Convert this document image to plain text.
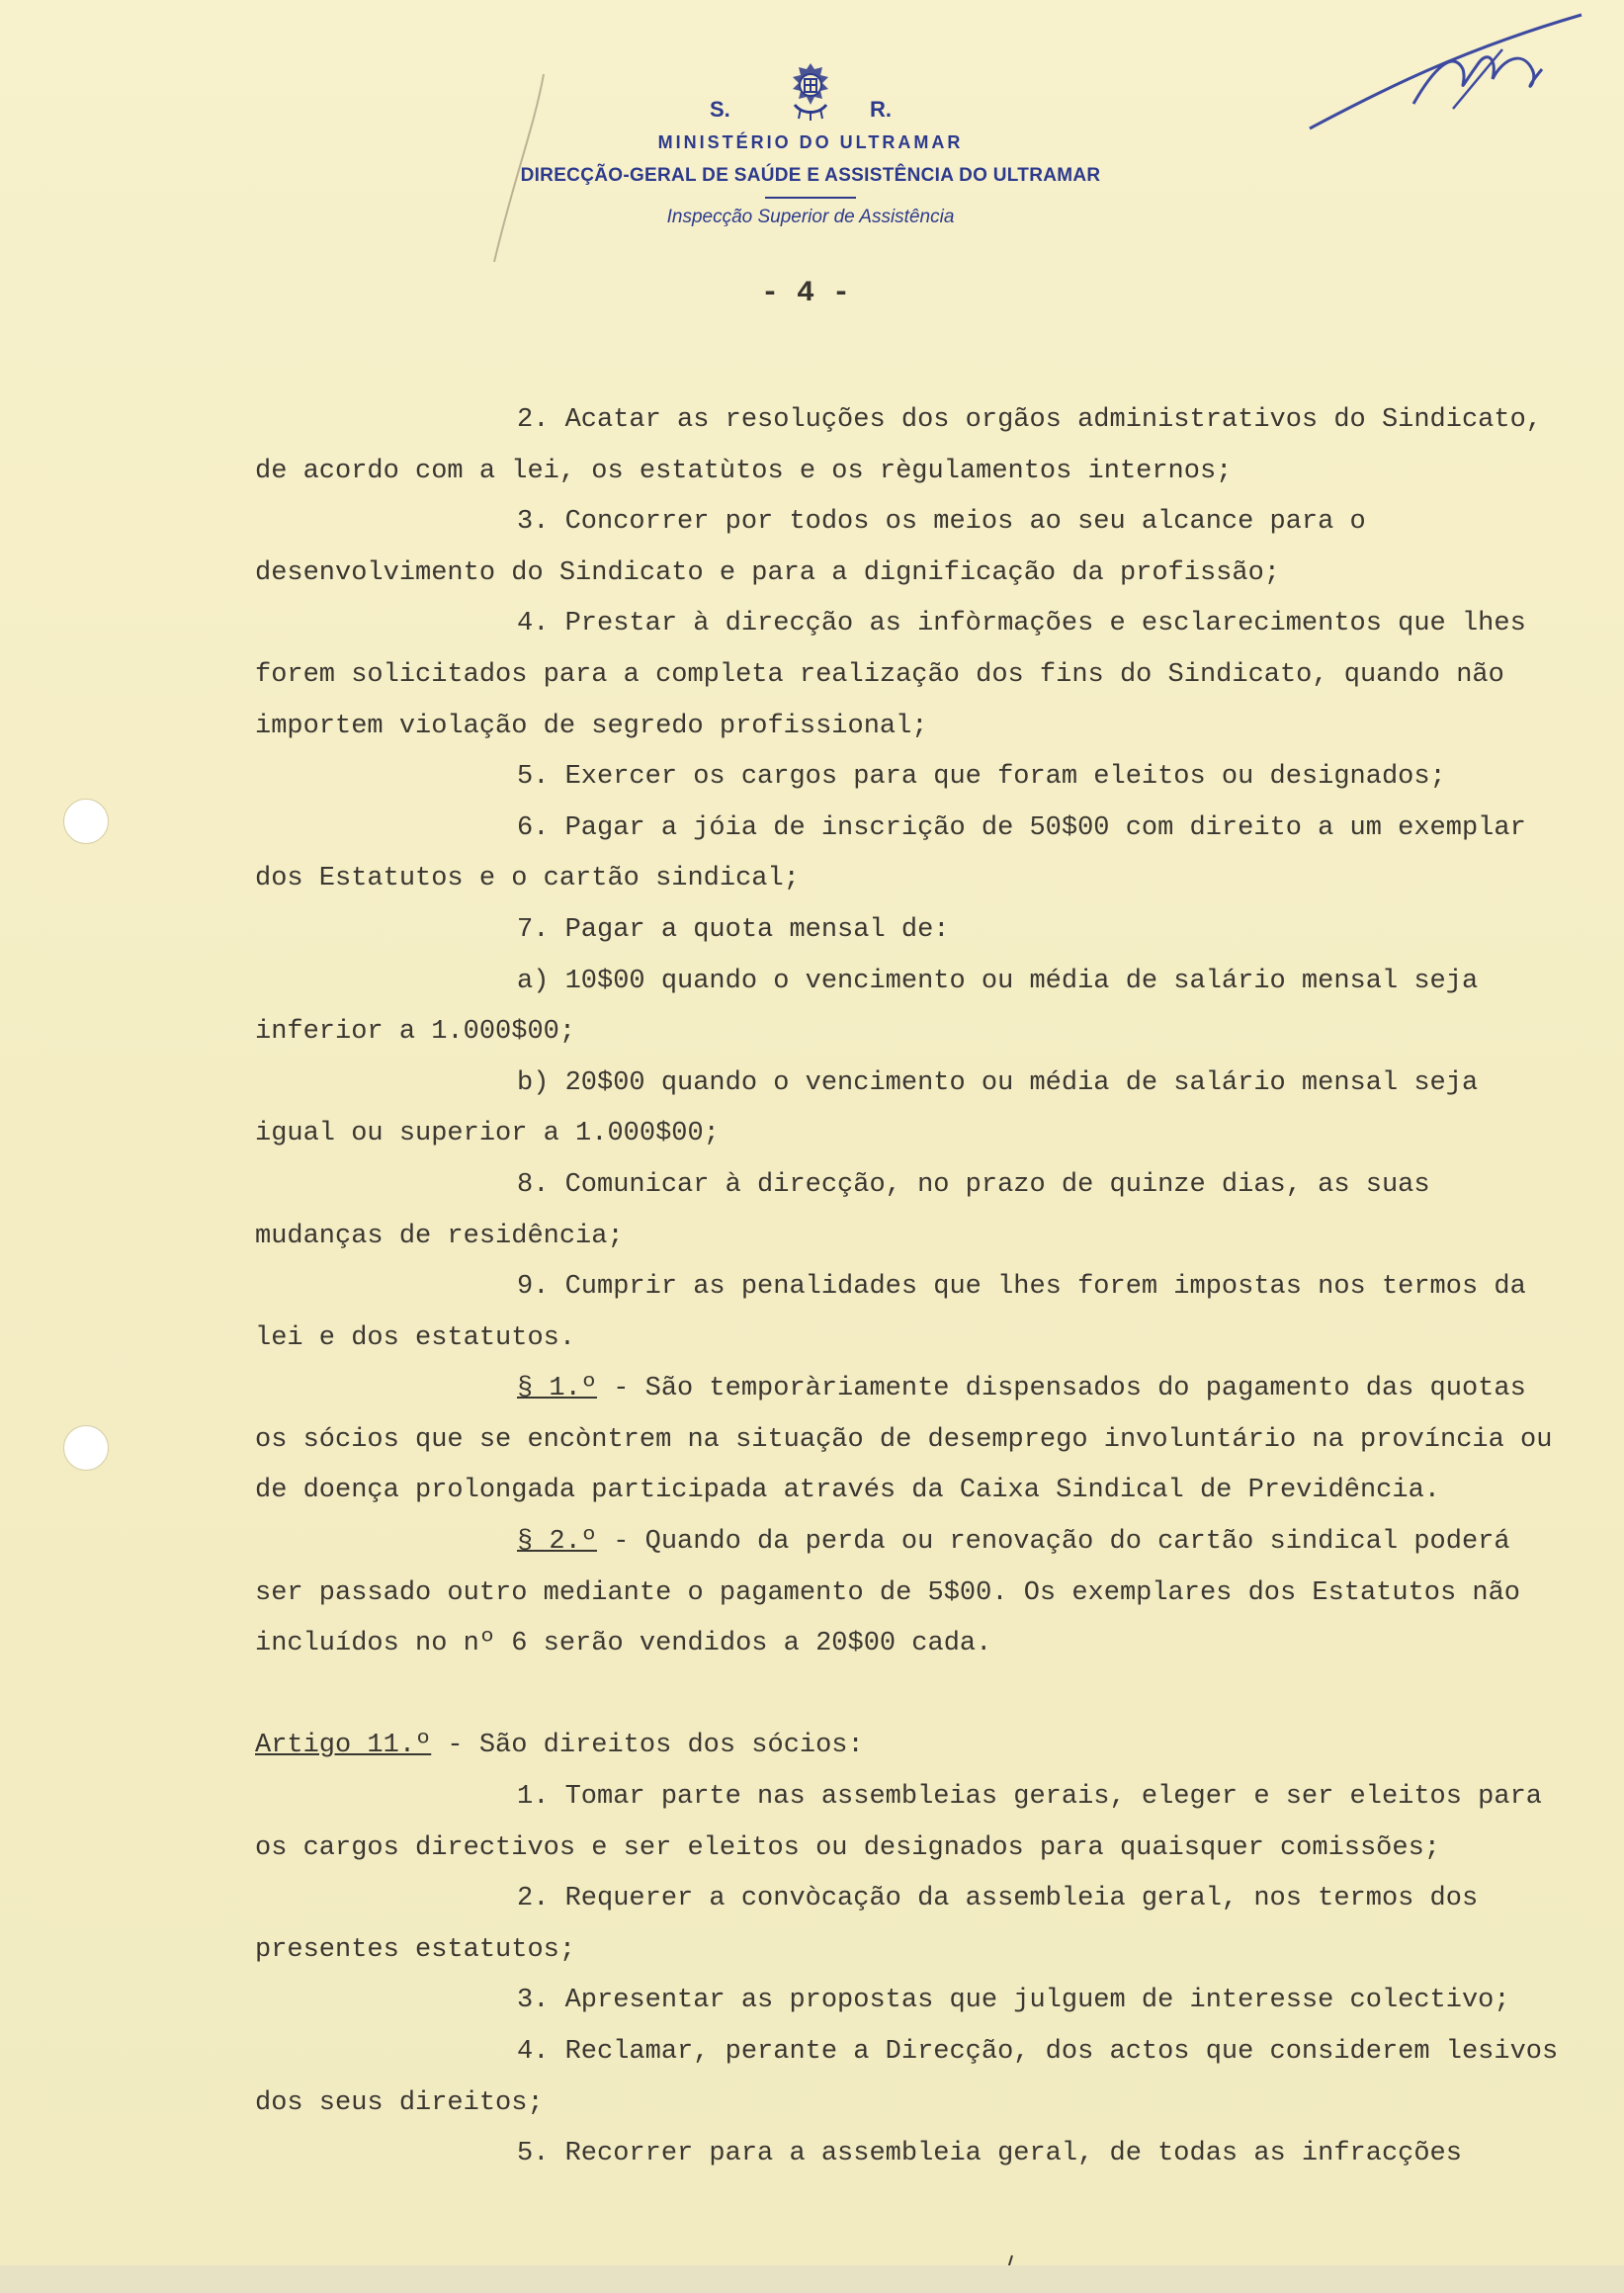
S.	R.
MINISTÉRIO DO ULTRAMAR
DIRECÇÃO-GERAL DE SAÚDE E ASSISTÊNCIA DO ULTRAMAR
Inspecção Superior de Assistência
- 4 -

2. Acatar as resoluções dos orgãos administrativos do Sindicato, de acordo com a lei, os estatùtos e os règulamentos internos;

3. Concorrer por todos os meios ao seu alcance para o desenvolvimento do Sindicato e para a dignificação da profissão;

4. Prestar à direcção as infòrmações e esclarecimentos que lhes forem solicitados para a completa realização dos fins do Sindicato, quando não importem violação de segredo profissional;

5. Exercer os cargos para que foram eleitos ou designados;

6. Pagar a jóia de inscrição de 50$00 com direito a um exemplar dos Estatutos e o cartão sindical;

7. Pagar a quota mensal de:

a) 10$00 quando o vencimento ou média de salário mensal seja inferior a 1.000$00;

b) 20$00 quando o vencimento ou média de salário mensal seja igual ou superior a 1.000$00;

8. Comunicar à direcção, no prazo de quinze dias, as suas mudanças de residência;

9. Cumprir as penalidades que lhes forem impostas nos termos da lei e dos estatutos.

§ 1.º - São temporàriamente dispensados do pagamento das quotas os sócios que se encòntrem na situação de desemprego involuntário na província ou de doença prolongada participada através da Caixa Sindical de Previdência.

§ 2.º - Quando da perda ou renovação do cartão sindical poderá ser passado outro mediante o pagamento de 5$00. Os exemplares dos Estatutos não incluídos no nº 6 serão vendidos a 20$00 cada.

Artigo 11.º - São direitos dos sócios:

1. Tomar parte nas assembleias gerais, eleger e ser eleitos para os cargos directivos e ser eleitos ou designados para quaisquer comissões;

2. Requerer a convòcação da assembleia geral, nos termos dos presentes estatutos;

3. Apresentar as propostas que julguem de interesse colectivo;

4. Reclamar, perante a Direcção, dos actos que considerem lesivos dos seus direitos;

5. Recorrer para a assembleia geral, de todas as infracções
